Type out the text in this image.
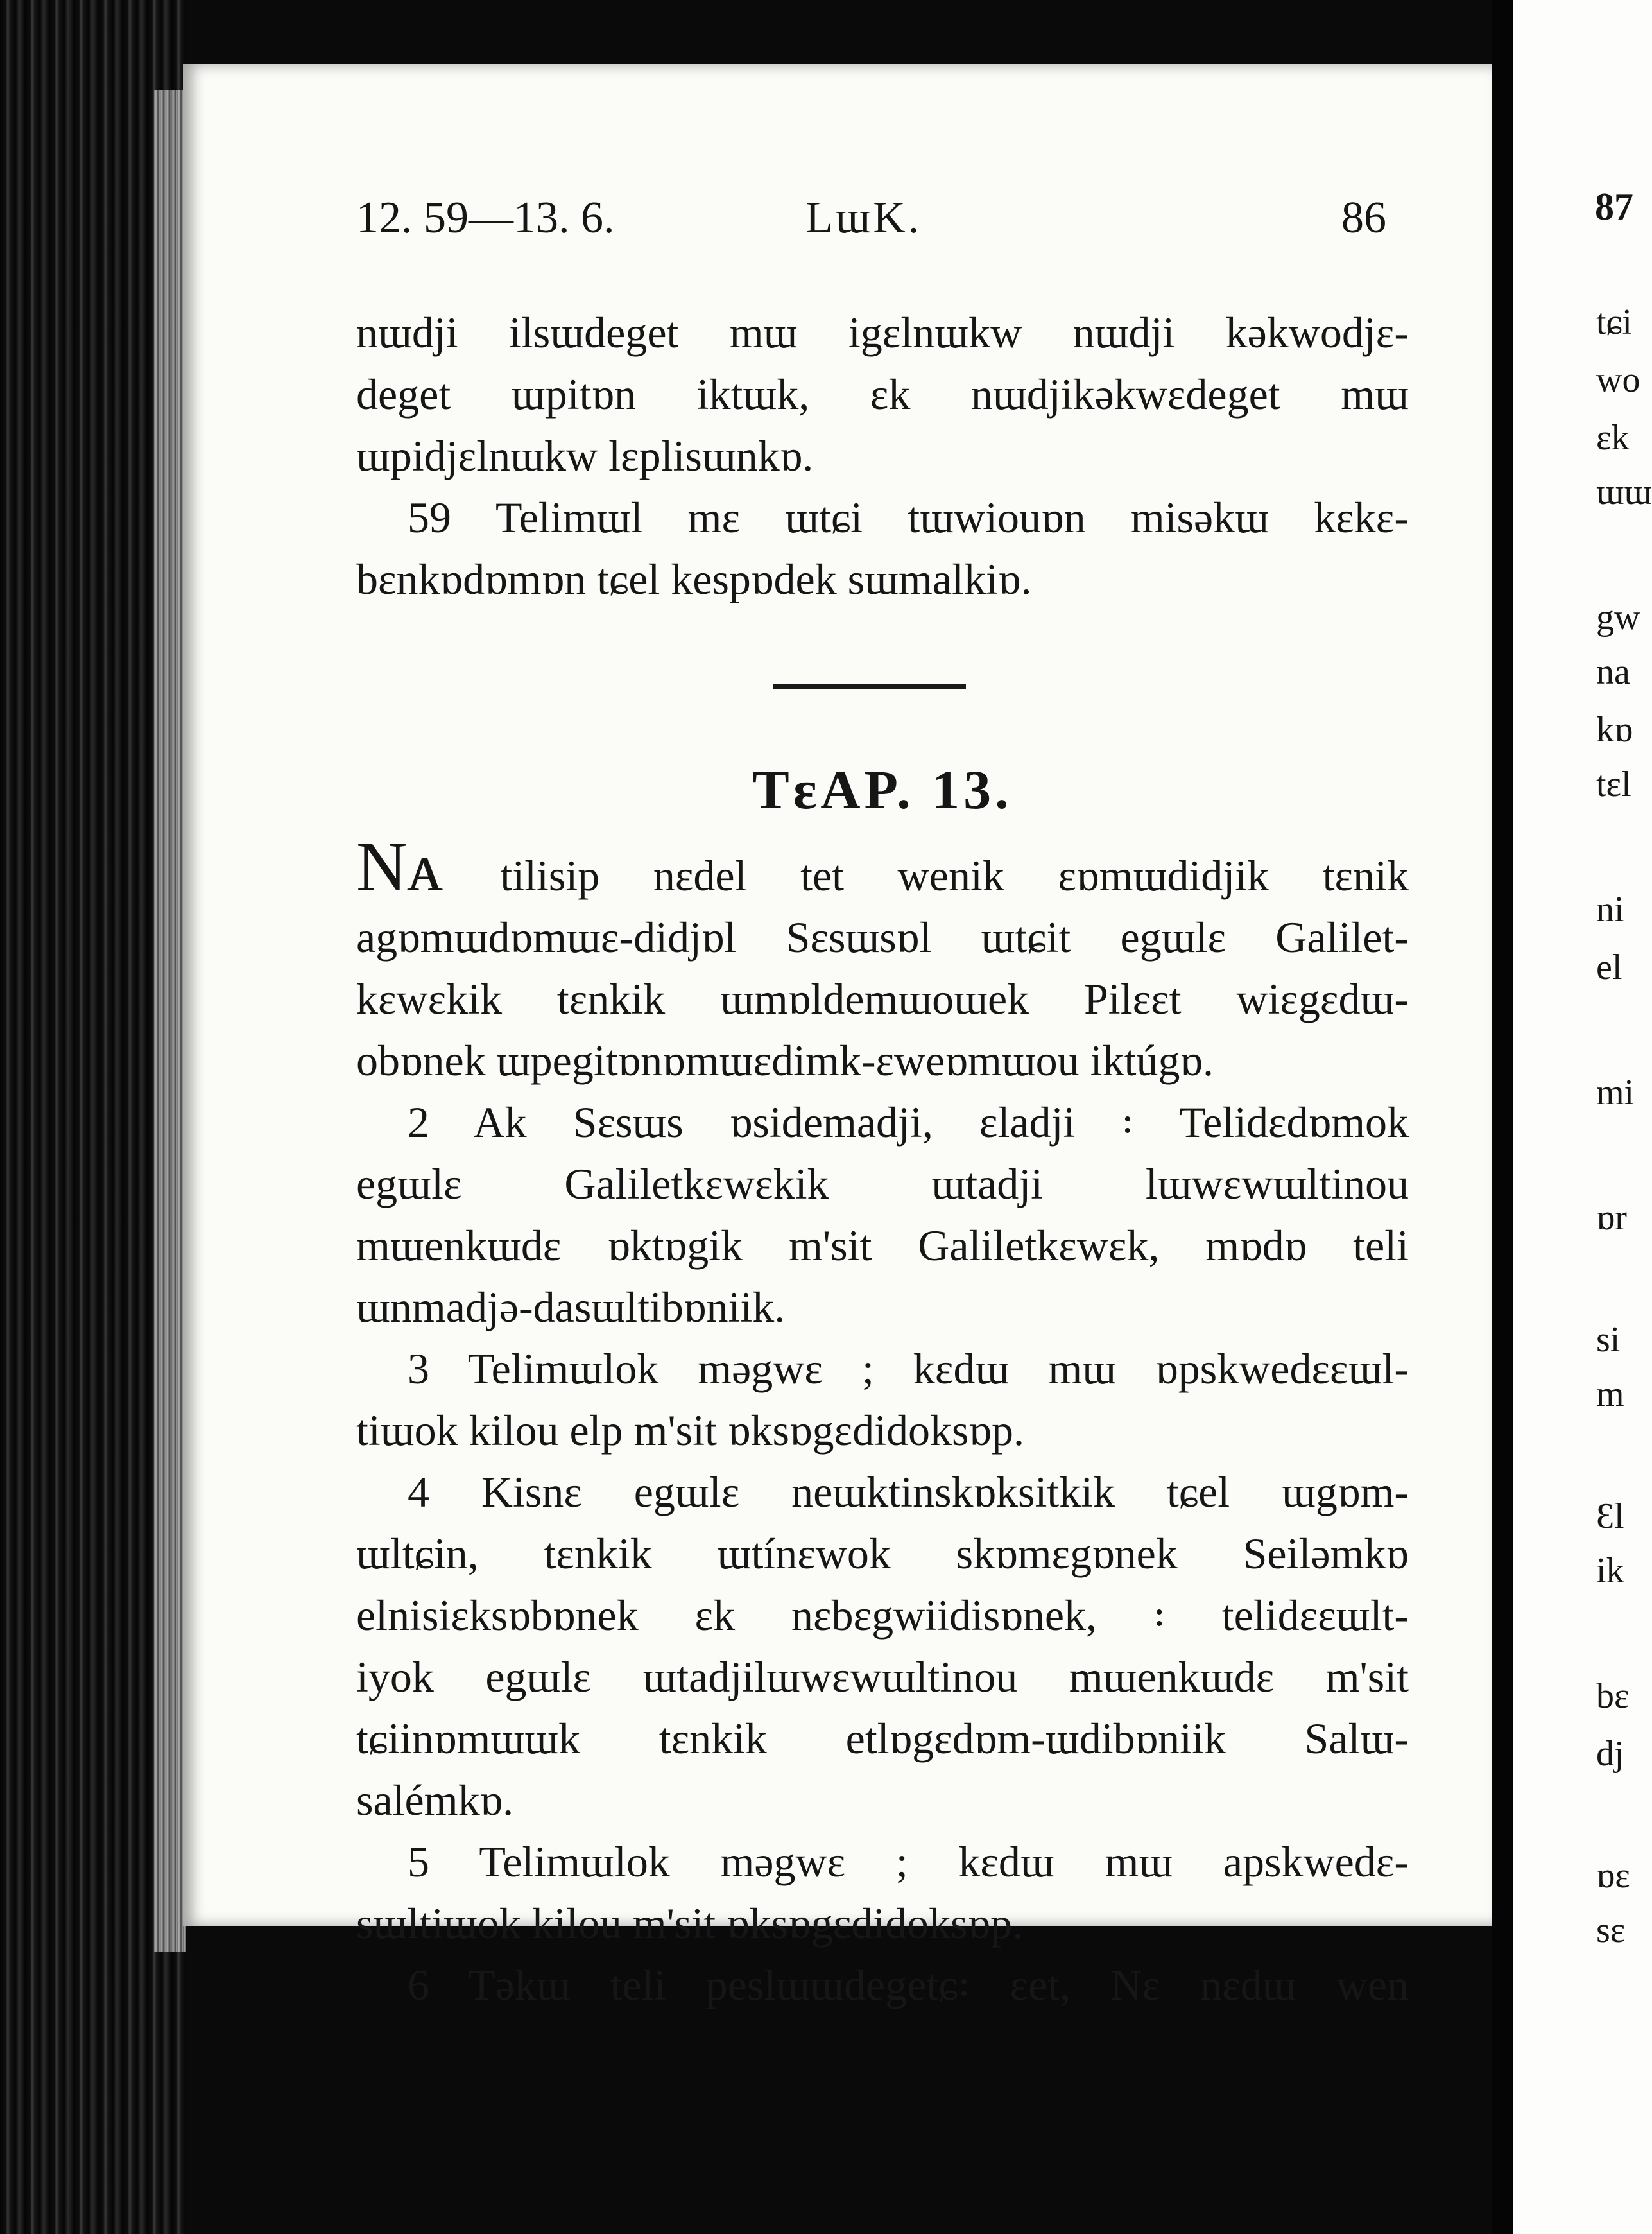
12. 59—13. 6.	LɯK.	86
nɯdji ilsɯdeget mɯ igɛlnɯkw nɯdji kǝkwodjɛ-
deget ɯpitɒn iktɯk, ɛk nɯdjikǝkwɛdeget mɯ
ɯpidjɛlnɯkw lɛplisɯnkɒ.
59 Telimɯl mɛ ɯtɕi tɯwiouɒn misǝkɯ kɛkɛ-
bɛnkɒdɒmɒn tɕel kespɒdek sɯmalkiɒ.
TɛAP. 13.
Nᴀ tilisip nɛdel tet wenik ɛɒmɯdidjik tɛnik
agɒmɯdɒmɯɛ-didjɒl Sɛsɯsɒl ɯtɕit egɯlɛ Galilet-
kɛwɛkik tɛnkik ɯmɒldemɯoɯek Pilɛɛt wiɛgɛdɯ-
obɒnek ɯpegitɒnɒmɯɛdimk-ɛweɒmɯou iktúgɒ.
2 Ak Sɛsɯs ɒsidemadji, ɛladji ꞉ Telidɛdɒmok
egɯlɛ Galiletkɛwɛkik ɯtadji lɯwɛwɯltinou
mɯenkɯdɛ ɒktɒgik m'sit Galiletkɛwɛk, mɒdɒ teli
ɯnmadjǝ-dasɯltibɒniik.
3 Telimɯlok mǝgwɛ ; kɛdɯ mɯ ɒpskwedɛɛɯl-
tiɯok kilou elp m'sit ɒksɒgɛdidoksɒp.
4 Kisnɛ egɯlɛ neɯktinskɒksitkik tɕel ɯgɒm-
ɯltɕin, tɛnkik ɯtínɛwok skɒmɛgɒnek Seilǝmkɒ
elnisiɛksɒbɒnek ɛk nɛbɛgwiidisɒnek, ꞉ telidɛɛɯlt-
iyok egɯlɛ ɯtadjilɯwɛwɯltinou mɯenkɯdɛ m'sit
tɕiinɒmɯɯk tɛnkik etlɒgɛdɒm-ɯdibɒniik Salɯ-
salémkɒ.
5 Telimɯlok mǝgwɛ ; kɛdɯ mɯ apskwedɛ-
sɯltiɯok kilou m'sit ɒksɒgɛdidoksɒp.
6 Tǝkɯ teli peslɯɯdegetɕ꞉ ɛet, Nɛ nɛdɯ wen
87
tɕi
wo
ɛk
ɯɯ
gw
na
kɒ
tɛl
ni
el
mi
ɒr
si
m
Ɛl
ik
bɛ
dj
ɒɛ
sɛ
